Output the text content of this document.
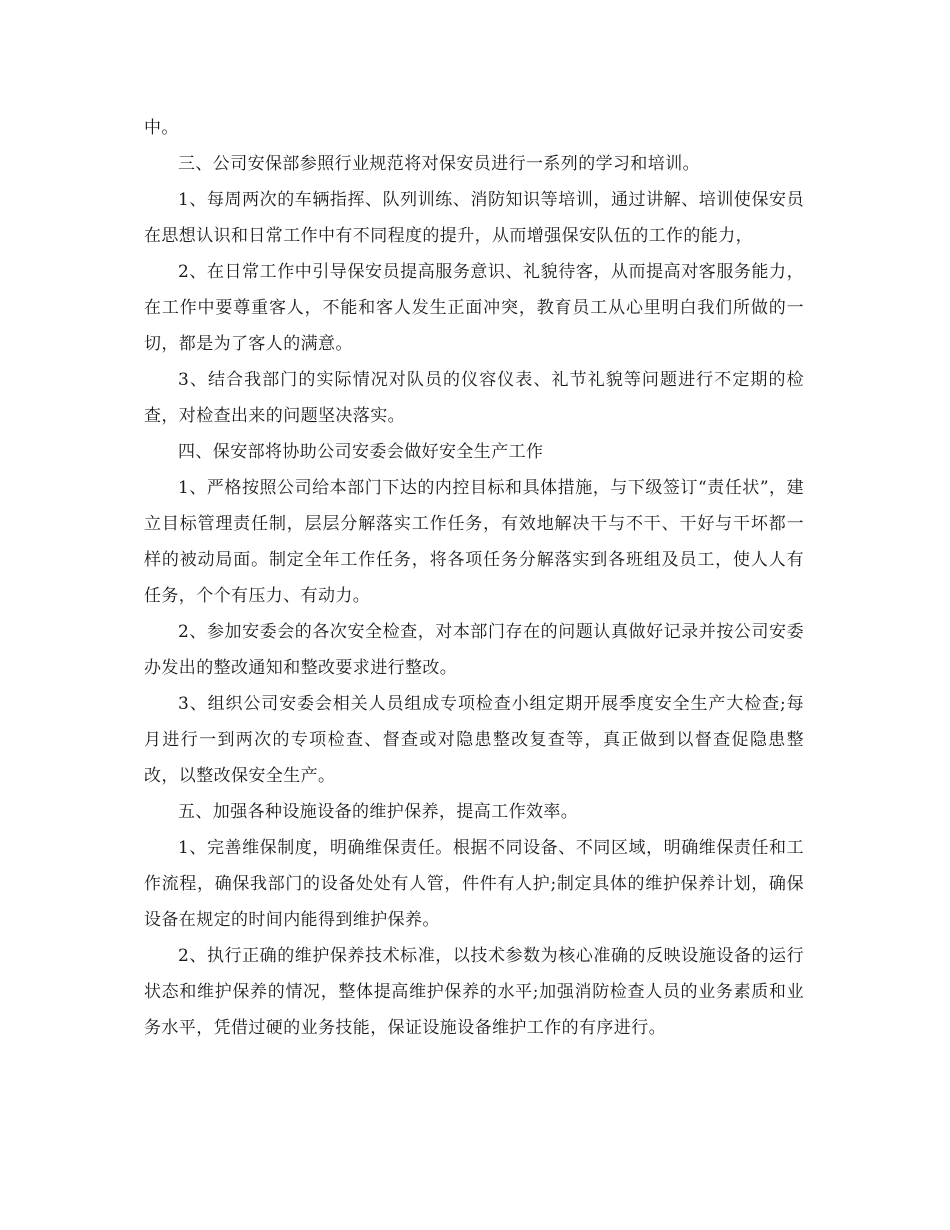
中。

三、公司安保部参照行业规范将对保安员进行一系列的学习和培训。

1、每周两次的车辆指挥、队列训练、消防知识等培训，通过讲解、培训使保安员在思想认识和日常工作中有不同程度的提升，从而增强保安队伍的工作的能力，

2、在日常工作中引导保安员提高服务意识、礼貌待客，从而提高对客服务能力，在工作中要尊重客人，不能和客人发生正面冲突，教育员工从心里明白我们所做的一切，都是为了客人的满意。

3、结合我部门的实际情况对队员的仪容仪表、礼节礼貌等问题进行不定期的检查，对检查出来的问题坚决落实。

四、保安部将协助公司安委会做好安全生产工作

1、严格按照公司给本部门下达的内控目标和具体措施，与下级签订“责任状”，建立目标管理责任制，层层分解落实工作任务，有效地解决干与不干、干好与干坏都一样的被动局面。制定全年工作任务，将各项任务分解落实到各班组及员工，使人人有任务，个个有压力、有动力。

2、参加安委会的各次安全检查，对本部门存在的问题认真做好记录并按公司安委办发出的整改通知和整改要求进行整改。

3、组织公司安委会相关人员组成专项检查小组定期开展季度安全生产大检查;每月进行一到两次的专项检查、督查或对隐患整改复查等，真正做到以督查促隐患整改，以整改保安全生产。

五、加强各种设施设备的维护保养，提高工作效率。

1、完善维保制度，明确维保责任。根据不同设备、不同区域，明确维保责任和工作流程，确保我部门的设备处处有人管，件件有人护;制定具体的维护保养计划，确保设备在规定的时间内能得到维护保养。

2、执行正确的维护保养技术标准，以技术参数为核心准确的反映设施设备的运行状态和维护保养的情况，整体提高维护保养的水平;加强消防检查人员的业务素质和业务水平，凭借过硬的业务技能，保证设施设备维护工作的有序进行。
